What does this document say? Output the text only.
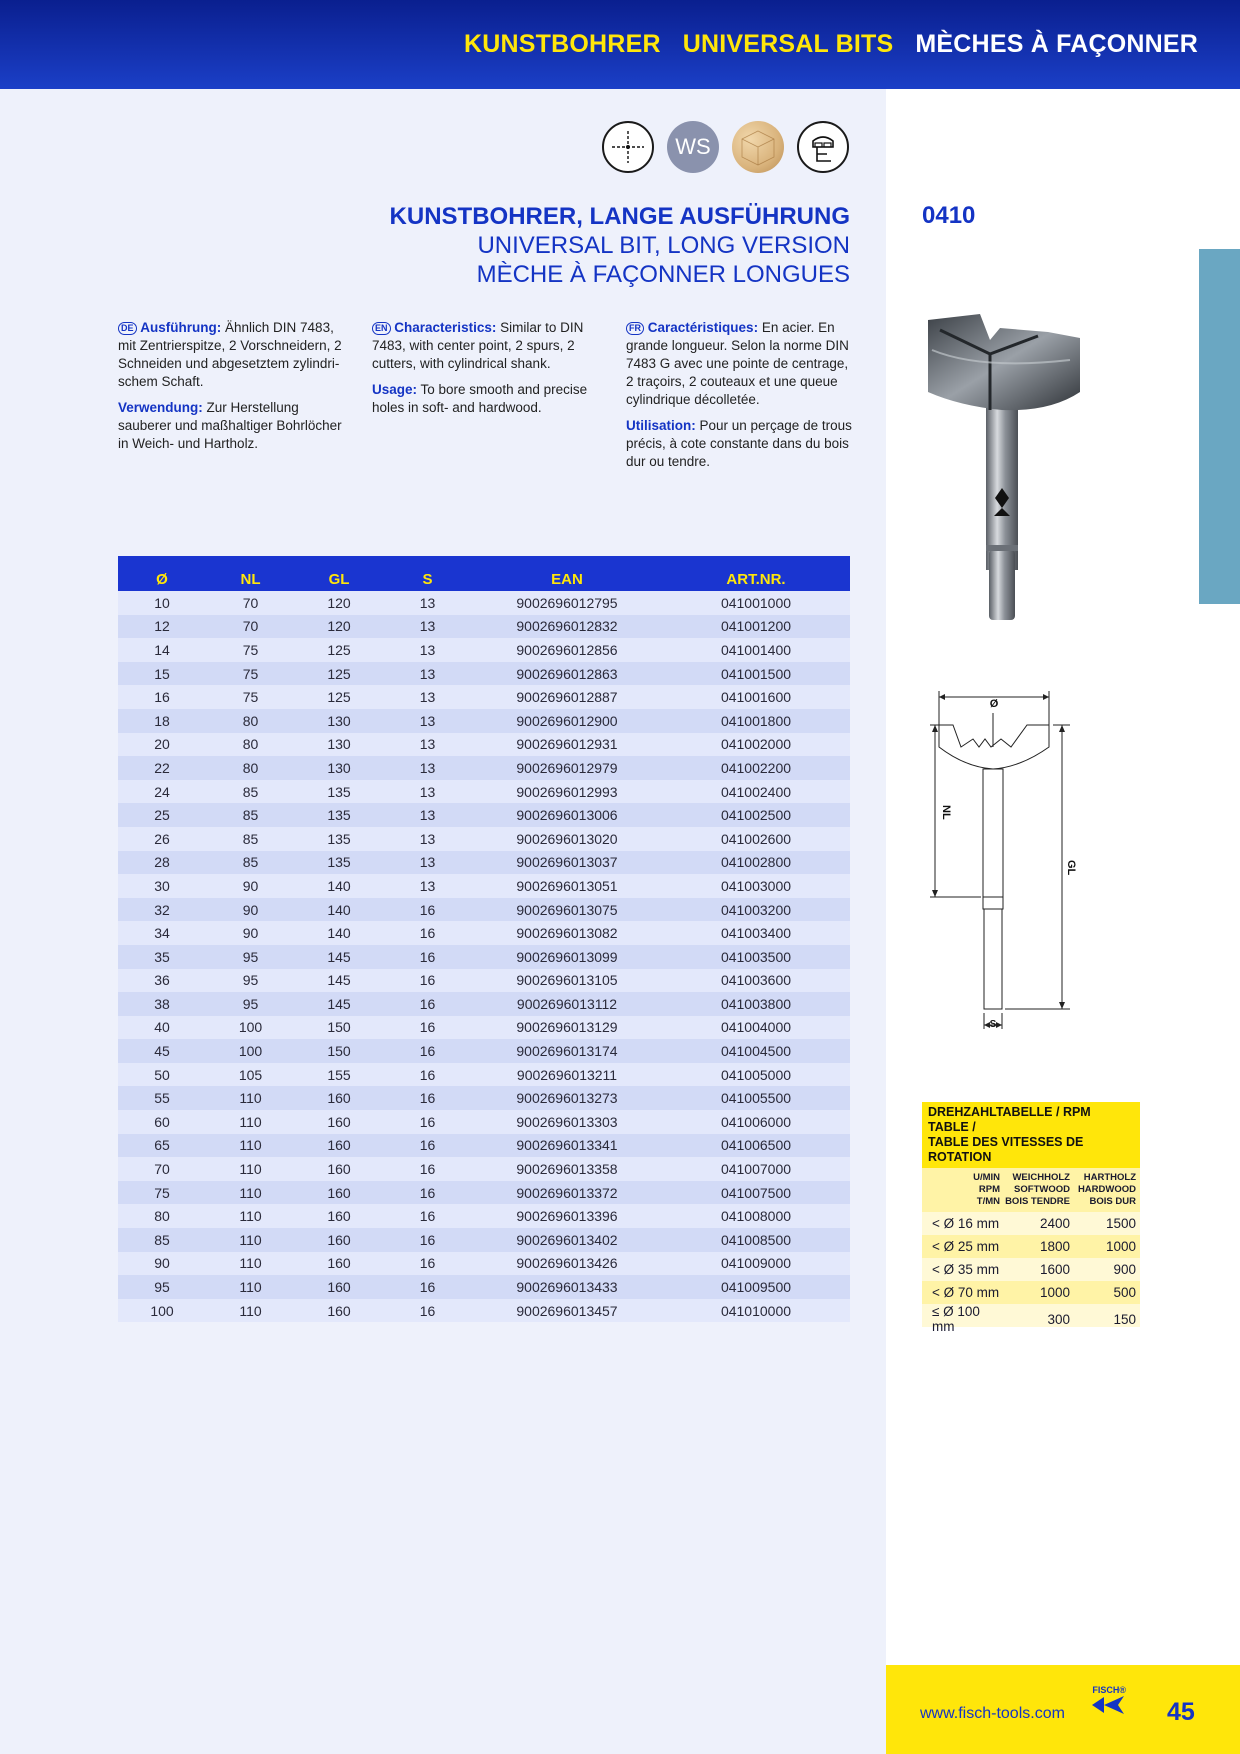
KUNSTBOHRER UNIVERSAL BITS MÈCHES À FAÇONNER
WS
KUNSTBOHRER, LANGE AUSFÜHRUNG
UNIVERSAL BIT, LONG VERSION
MÈCHE À FAÇONNER LONGUES
0410

DE Ausführung: Ähnlich DIN 7483, mit Zentrierspitze, 2 Vorschneidern, 2 Schneiden und abgesetztem zylindri-schem Schaft.

Verwendung: Zur Herstellung sauberer und maßhaltiger Bohrlöcher in Weich- und Hartholz.

EN Characteristics: Similar to DIN 7483, with center point, 2 spurs, 2 cutters, with cylindrical shank.

Usage: To bore smooth and precise holes in soft- and hardwood.

FR Caractéristiques: En acier. En grande longueur. Selon la norme DIN 7483 G avec une pointe de centrage, 2 traçoirs, 2 couteaux et une queue cylindrique décolletée.

Utilisation: Pour un perçage de trous précis, à cote constante dans du bois dur ou tendre.

Ø	NL	GL	S	EAN	ART.NR.
10	70	120	13	9002696012795	041001000
12	70	120	13	9002696012832	041001200
14	75	125	13	9002696012856	041001400
15	75	125	13	9002696012863	041001500
16	75	125	13	9002696012887	041001600
18	80	130	13	9002696012900	041001800
20	80	130	13	9002696012931	041002000
22	80	130	13	9002696012979	041002200
24	85	135	13	9002696012993	041002400
25	85	135	13	9002696013006	041002500
26	85	135	13	9002696013020	041002600
28	85	135	13	9002696013037	041002800
30	90	140	13	9002696013051	041003000
32	90	140	16	9002696013075	041003200
34	90	140	16	9002696013082	041003400
35	95	145	16	9002696013099	041003500
36	95	145	16	9002696013105	041003600
38	95	145	16	9002696013112	041003800
40	100	150	16	9002696013129	041004000
45	100	150	16	9002696013174	041004500
50	105	155	16	9002696013211	041005000
55	110	160	16	9002696013273	041005500
60	110	160	16	9002696013303	041006000
65	110	160	16	9002696013341	041006500
70	110	160	16	9002696013358	041007000
75	110	160	16	9002696013372	041007500
80	110	160	16	9002696013396	041008000
85	110	160	16	9002696013402	041008500
90	110	160	16	9002696013426	041009000
95	110	160	16	9002696013433	041009500
100	110	160	16	9002696013457	041010000
Ø
NL
GL
S
DREHZAHLTABELLE / RPM TABLE /
TABLE DES VITESSES DE ROTATION
U/MIN
RPM
T/MN
WEICHHOLZ
SOFTWOOD
BOIS TENDRE
HARTHOLZ
HARDWOOD
BOIS DUR
< Ø 16 mm	2400	1500
< Ø 25 mm	1800	1000
< Ø 35 mm	1600	900
< Ø 70 mm	1000	500
≤ Ø 100 mm	300	150
www.fisch-tools.com
FISCH®
45
